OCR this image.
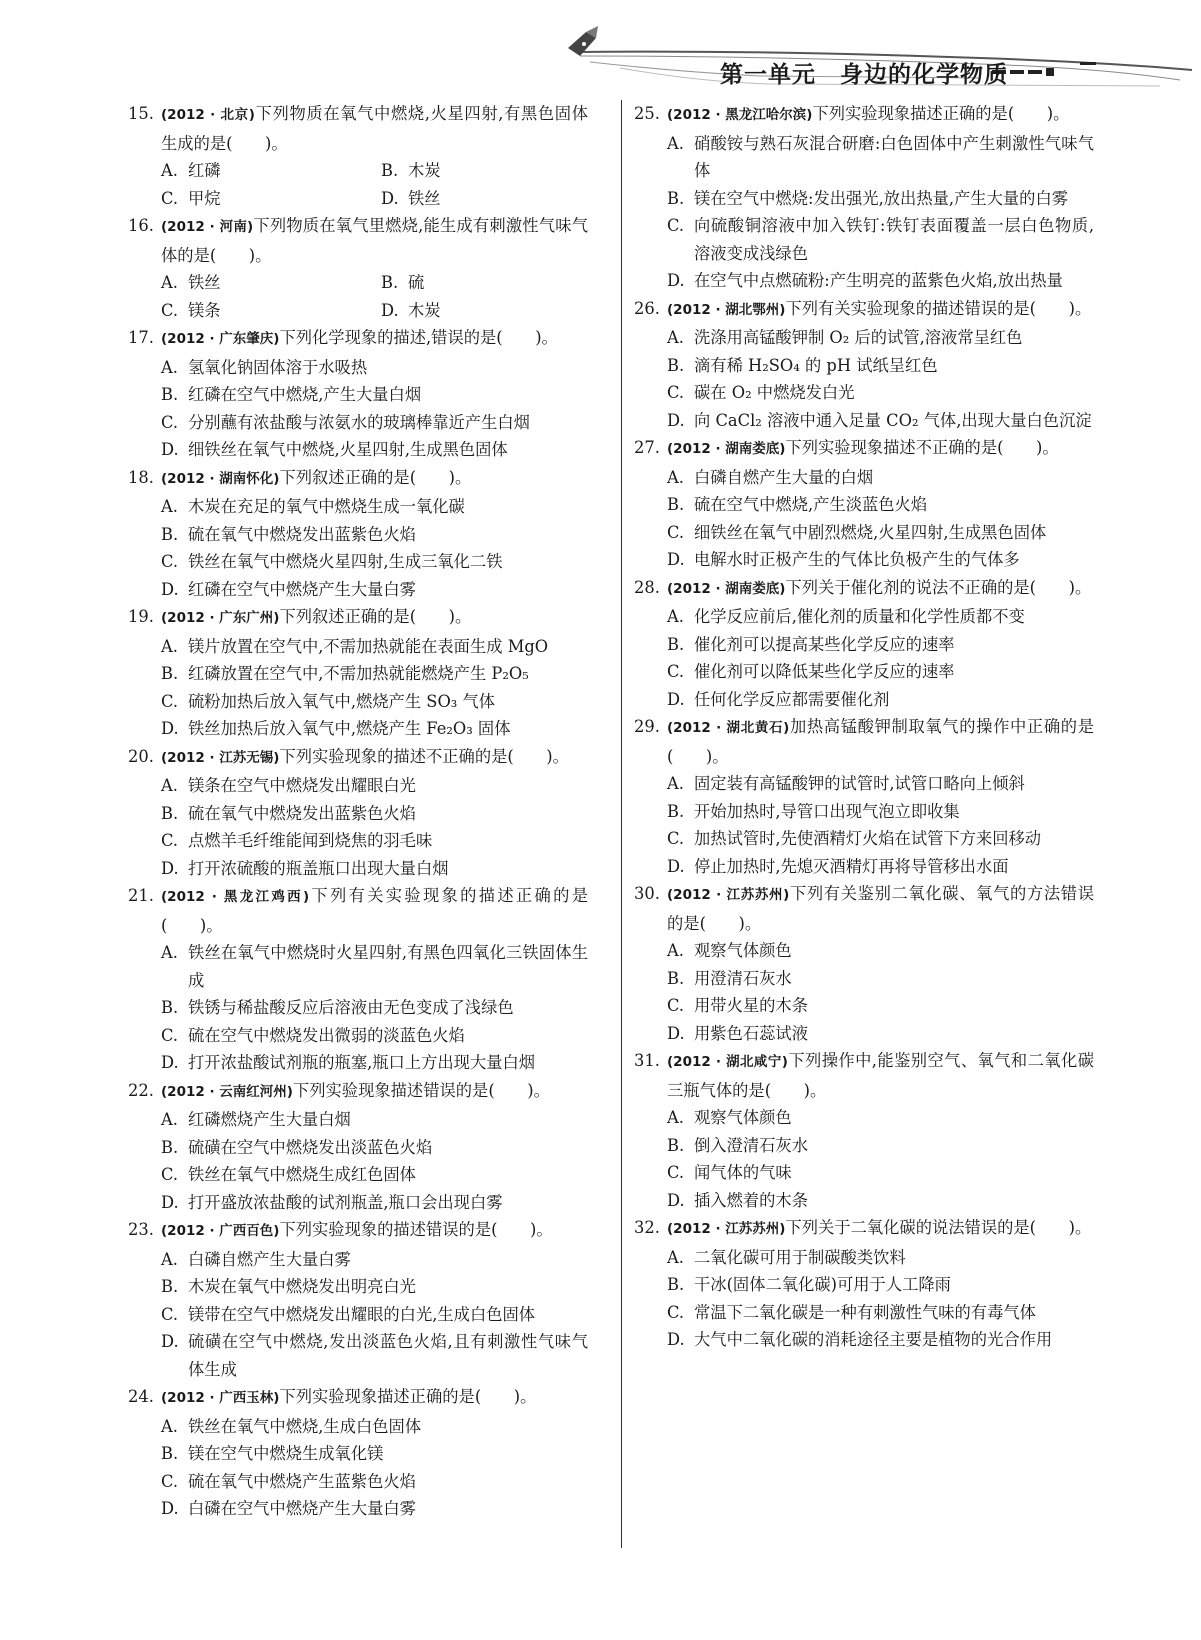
第一单元 身边的化学物质
15. (2012 · 北京)下列物质在氧气中燃烧,火星四射,有黑色固体生成的是(　　)。
A. 红磷	B. 木炭
C. 甲烷	D. 铁丝
16. (2012 · 河南)下列物质在氧气里燃烧,能生成有刺激性气味气体的是(　　)。
A. 铁丝	B. 硫
C. 镁条	D. 木炭
17. (2012 · 广东肇庆)下列化学现象的描述,错误的是(　　)。
A. 氢氧化钠固体溶于水吸热
B. 红磷在空气中燃烧,产生大量白烟
C. 分别蘸有浓盐酸与浓氨水的玻璃棒靠近产生白烟
D. 细铁丝在氧气中燃烧,火星四射,生成黑色固体
18. (2012 · 湖南怀化)下列叙述正确的是(　　)。
A. 木炭在充足的氧气中燃烧生成一氧化碳
B. 硫在氧气中燃烧发出蓝紫色火焰
C. 铁丝在氧气中燃烧火星四射,生成三氧化二铁
D. 红磷在空气中燃烧产生大量白雾
19. (2012 · 广东广州)下列叙述正确的是(　　)。
A. 镁片放置在空气中,不需加热就能在表面生成 MgO
B. 红磷放置在空气中,不需加热就能燃烧产生 P₂O₅
C. 硫粉加热后放入氧气中,燃烧产生 SO₃ 气体
D. 铁丝加热后放入氧气中,燃烧产生 Fe₂O₃ 固体
20. (2012 · 江苏无锡)下列实验现象的描述不正确的是(　　)。
A. 镁条在空气中燃烧发出耀眼白光
B. 硫在氧气中燃烧发出蓝紫色火焰
C. 点燃羊毛纤维能闻到烧焦的羽毛味
D. 打开浓硫酸的瓶盖瓶口出现大量白烟
21. (2012 · 黑龙江鸡西)下列有关实验现象的描述正确的是(　　)。
A. 铁丝在氧气中燃烧时火星四射,有黑色四氧化三铁固体生成
B. 铁锈与稀盐酸反应后溶液由无色变成了浅绿色
C. 硫在空气中燃烧发出微弱的淡蓝色火焰
D. 打开浓盐酸试剂瓶的瓶塞,瓶口上方出现大量白烟
22. (2012 · 云南红河州)下列实验现象描述错误的是(　　)。
A. 红磷燃烧产生大量白烟
B. 硫磺在空气中燃烧发出淡蓝色火焰
C. 铁丝在氧气中燃烧生成红色固体
D. 打开盛放浓盐酸的试剂瓶盖,瓶口会出现白雾
23. (2012 · 广西百色)下列实验现象的描述错误的是(　　)。
A. 白磷自燃产生大量白雾
B. 木炭在氧气中燃烧发出明亮白光
C. 镁带在空气中燃烧发出耀眼的白光,生成白色固体
D. 硫磺在空气中燃烧,发出淡蓝色火焰,且有刺激性气味气体生成
24. (2012 · 广西玉林)下列实验现象描述正确的是(　　)。
A. 铁丝在氧气中燃烧,生成白色固体
B. 镁在空气中燃烧生成氧化镁
C. 硫在氧气中燃烧产生蓝紫色火焰
D. 白磷在空气中燃烧产生大量白雾
25. (2012 · 黑龙江哈尔滨)下列实验现象描述正确的是(　　)。
A. 硝酸铵与熟石灰混合研磨:白色固体中产生刺激性气味气体
B. 镁在空气中燃烧:发出强光,放出热量,产生大量的白雾
C. 向硫酸铜溶液中加入铁钉:铁钉表面覆盖一层白色物质,溶液变成浅绿色
D. 在空气中点燃硫粉:产生明亮的蓝紫色火焰,放出热量
26. (2012 · 湖北鄂州)下列有关实验现象的描述错误的是(　　)。
A. 洗涤用高锰酸钾制 O₂ 后的试管,溶液常呈红色
B. 滴有稀 H₂SO₄ 的 pH 试纸呈红色
C. 碳在 O₂ 中燃烧发白光
D. 向 CaCl₂ 溶液中通入足量 CO₂ 气体,出现大量白色沉淀
27. (2012 · 湖南娄底)下列实验现象描述不正确的是(　　)。
A. 白磷自燃产生大量的白烟
B. 硫在空气中燃烧,产生淡蓝色火焰
C. 细铁丝在氧气中剧烈燃烧,火星四射,生成黑色固体
D. 电解水时正极产生的气体比负极产生的气体多
28. (2012 · 湖南娄底)下列关于催化剂的说法不正确的是(　　)。
A. 化学反应前后,催化剂的质量和化学性质都不变
B. 催化剂可以提高某些化学反应的速率
C. 催化剂可以降低某些化学反应的速率
D. 任何化学反应都需要催化剂
29. (2012 · 湖北黄石)加热高锰酸钾制取氧气的操作中正确的是(　　)。
A. 固定装有高锰酸钾的试管时,试管口略向上倾斜
B. 开始加热时,导管口出现气泡立即收集
C. 加热试管时,先使酒精灯火焰在试管下方来回移动
D. 停止加热时,先熄灭酒精灯再将导管移出水面
30. (2012 · 江苏苏州)下列有关鉴别二氧化碳、氧气的方法错误的是(　　)。
A. 观察气体颜色
B. 用澄清石灰水
C. 用带火星的木条
D. 用紫色石蕊试液
31. (2012 · 湖北咸宁)下列操作中,能鉴别空气、氧气和二氧化碳三瓶气体的是(　　)。
A. 观察气体颜色
B. 倒入澄清石灰水
C. 闻气体的气味
D. 插入燃着的木条
32. (2012 · 江苏苏州)下列关于二氧化碳的说法错误的是(　　)。
A. 二氧化碳可用于制碳酸类饮料
B. 干冰(固体二氧化碳)可用于人工降雨
C. 常温下二氧化碳是一种有刺激性气味的有毒气体
D. 大气中二氧化碳的消耗途径主要是植物的光合作用
